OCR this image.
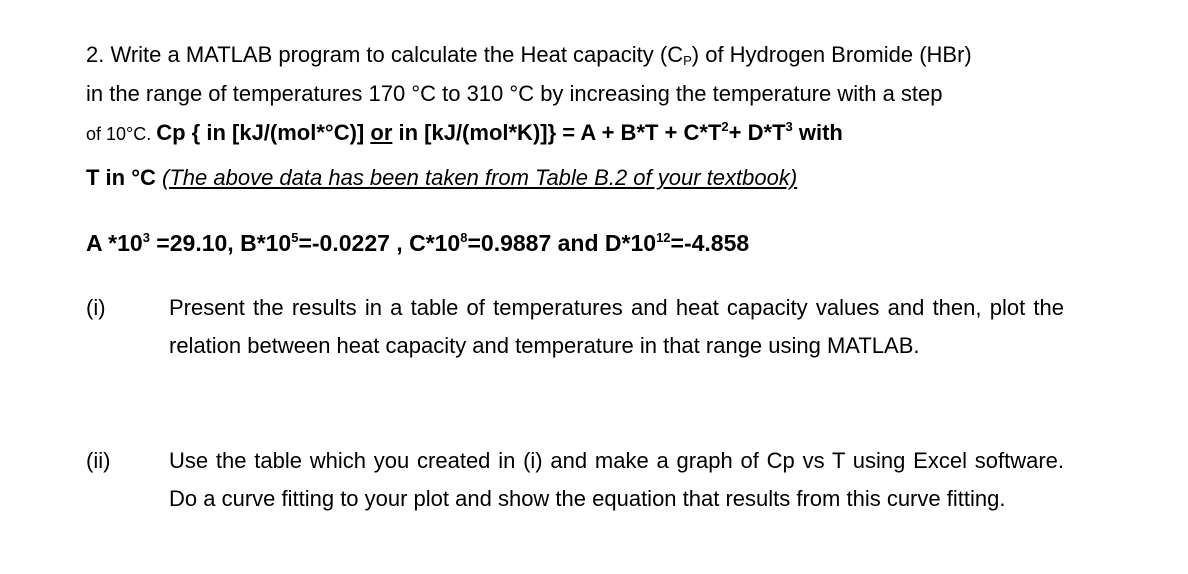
2. Write a MATLAB program to calculate the Heat capacity $(C_P)$ of Hydrogen Bromide (HBr)
in the range of temperatures 170 °C to 310 °C by increasing the temperature with a step
of 10°C. Cp { in [kJ/(mol*°C)] or in $[kJ/(mol*K)]\} = A + B*T + C*T^2+ D*T^3$ with
T in °C (The above data has been taken from Table B.2 of your textbook)
A $*10^3 =29.10$, $B*10^5=-0.0227$ , $C*10^8=0.9887$ and $D*10^{12}=-4.858$
(i)	Present the results in a table of temperatures and heat capacity values and then, plot the relation between heat capacity and temperature in that range using MATLAB.
(ii)	Use the table which you created in (i) and make a graph of Cp vs T using Excel software. Do a curve fitting to your plot and show the equation that results from this curve fitting.
